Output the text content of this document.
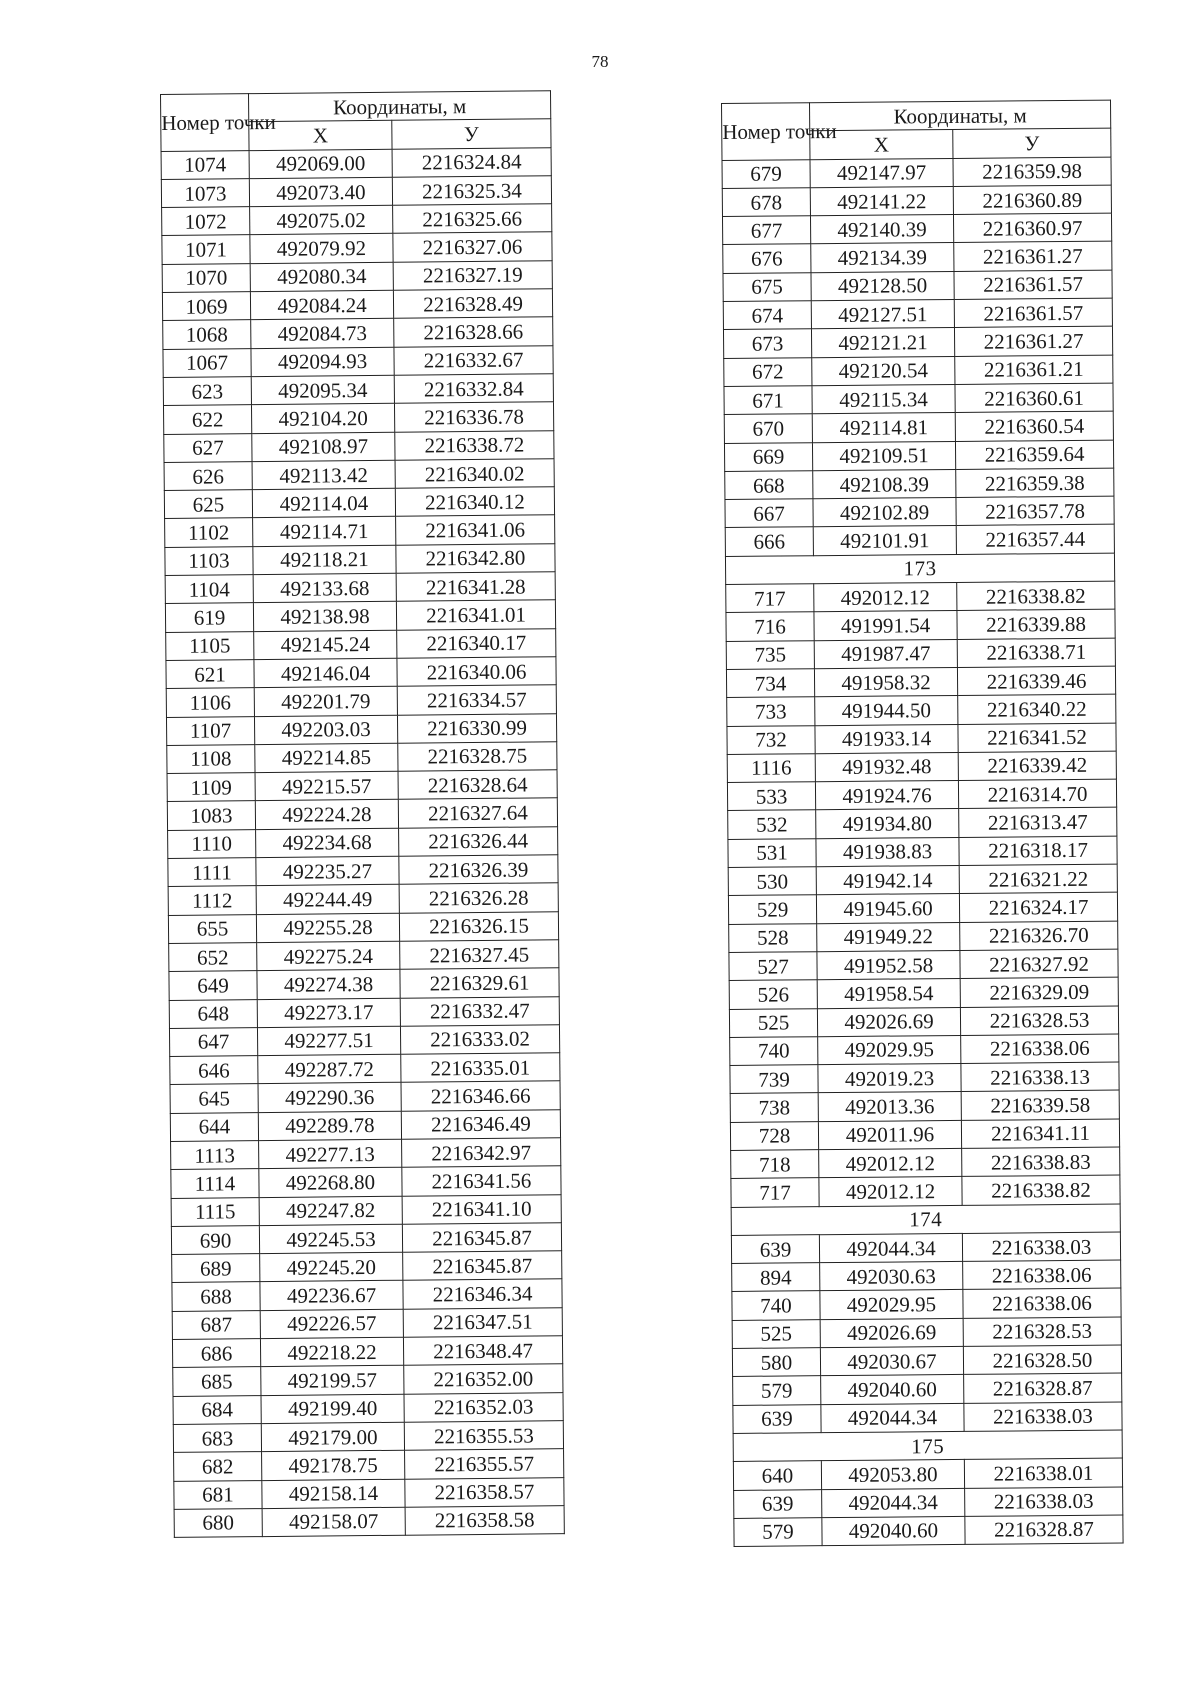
78
Номер точки	Координаты, м	
	X	У
1074	492069.00	2216324.84
1073	492073.40	2216325.34
1072	492075.02	2216325.66
1071	492079.92	2216327.06
1070	492080.34	2216327.19
1069	492084.24	2216328.49
1068	492084.73	2216328.66
1067	492094.93	2216332.67
623	492095.34	2216332.84
622	492104.20	2216336.78
627	492108.97	2216338.72
626	492113.42	2216340.02
625	492114.04	2216340.12
1102	492114.71	2216341.06
1103	492118.21	2216342.80
1104	492133.68	2216341.28
619	492138.98	2216341.01
1105	492145.24	2216340.17
621	492146.04	2216340.06
1106	492201.79	2216334.57
1107	492203.03	2216330.99
1108	492214.85	2216328.75
1109	492215.57	2216328.64
1083	492224.28	2216327.64
1110	492234.68	2216326.44
1111	492235.27	2216326.39
1112	492244.49	2216326.28
655	492255.28	2216326.15
652	492275.24	2216327.45
649	492274.38	2216329.61
648	492273.17	2216332.47
647	492277.51	2216333.02
646	492287.72	2216335.01
645	492290.36	2216346.66
644	492289.78	2216346.49
1113	492277.13	2216342.97
1114	492268.80	2216341.56
1115	492247.82	2216341.10
690	492245.53	2216345.87
689	492245.20	2216345.87
688	492236.67	2216346.34
687	492226.57	2216347.51
686	492218.22	2216348.47
685	492199.57	2216352.00
684	492199.40	2216352.03
683	492179.00	2216355.53
682	492178.75	2216355.57
681	492158.14	2216358.57
680	492158.07	2216358.58
Номер точки	Координаты, м	
	X	У
679	492147.97	2216359.98
678	492141.22	2216360.89
677	492140.39	2216360.97
676	492134.39	2216361.27
675	492128.50	2216361.57
674	492127.51	2216361.57
673	492121.21	2216361.27
672	492120.54	2216361.21
671	492115.34	2216360.61
670	492114.81	2216360.54
669	492109.51	2216359.64
668	492108.39	2216359.38
667	492102.89	2216357.78
666	492101.91	2216357.44
173		
717	492012.12	2216338.82
716	491991.54	2216339.88
735	491987.47	2216338.71
734	491958.32	2216339.46
733	491944.50	2216340.22
732	491933.14	2216341.52
1116	491932.48	2216339.42
533	491924.76	2216314.70
532	491934.80	2216313.47
531	491938.83	2216318.17
530	491942.14	2216321.22
529	491945.60	2216324.17
528	491949.22	2216326.70
527	491952.58	2216327.92
526	491958.54	2216329.09
525	492026.69	2216328.53
740	492029.95	2216338.06
739	492019.23	2216338.13
738	492013.36	2216339.58
728	492011.96	2216341.11
718	492012.12	2216338.83
717	492012.12	2216338.82
174		
639	492044.34	2216338.03
894	492030.63	2216338.06
740	492029.95	2216338.06
525	492026.69	2216328.53
580	492030.67	2216328.50
579	492040.60	2216328.87
639	492044.34	2216338.03
175		
640	492053.80	2216338.01
639	492044.34	2216338.03
579	492040.60	2216328.87
